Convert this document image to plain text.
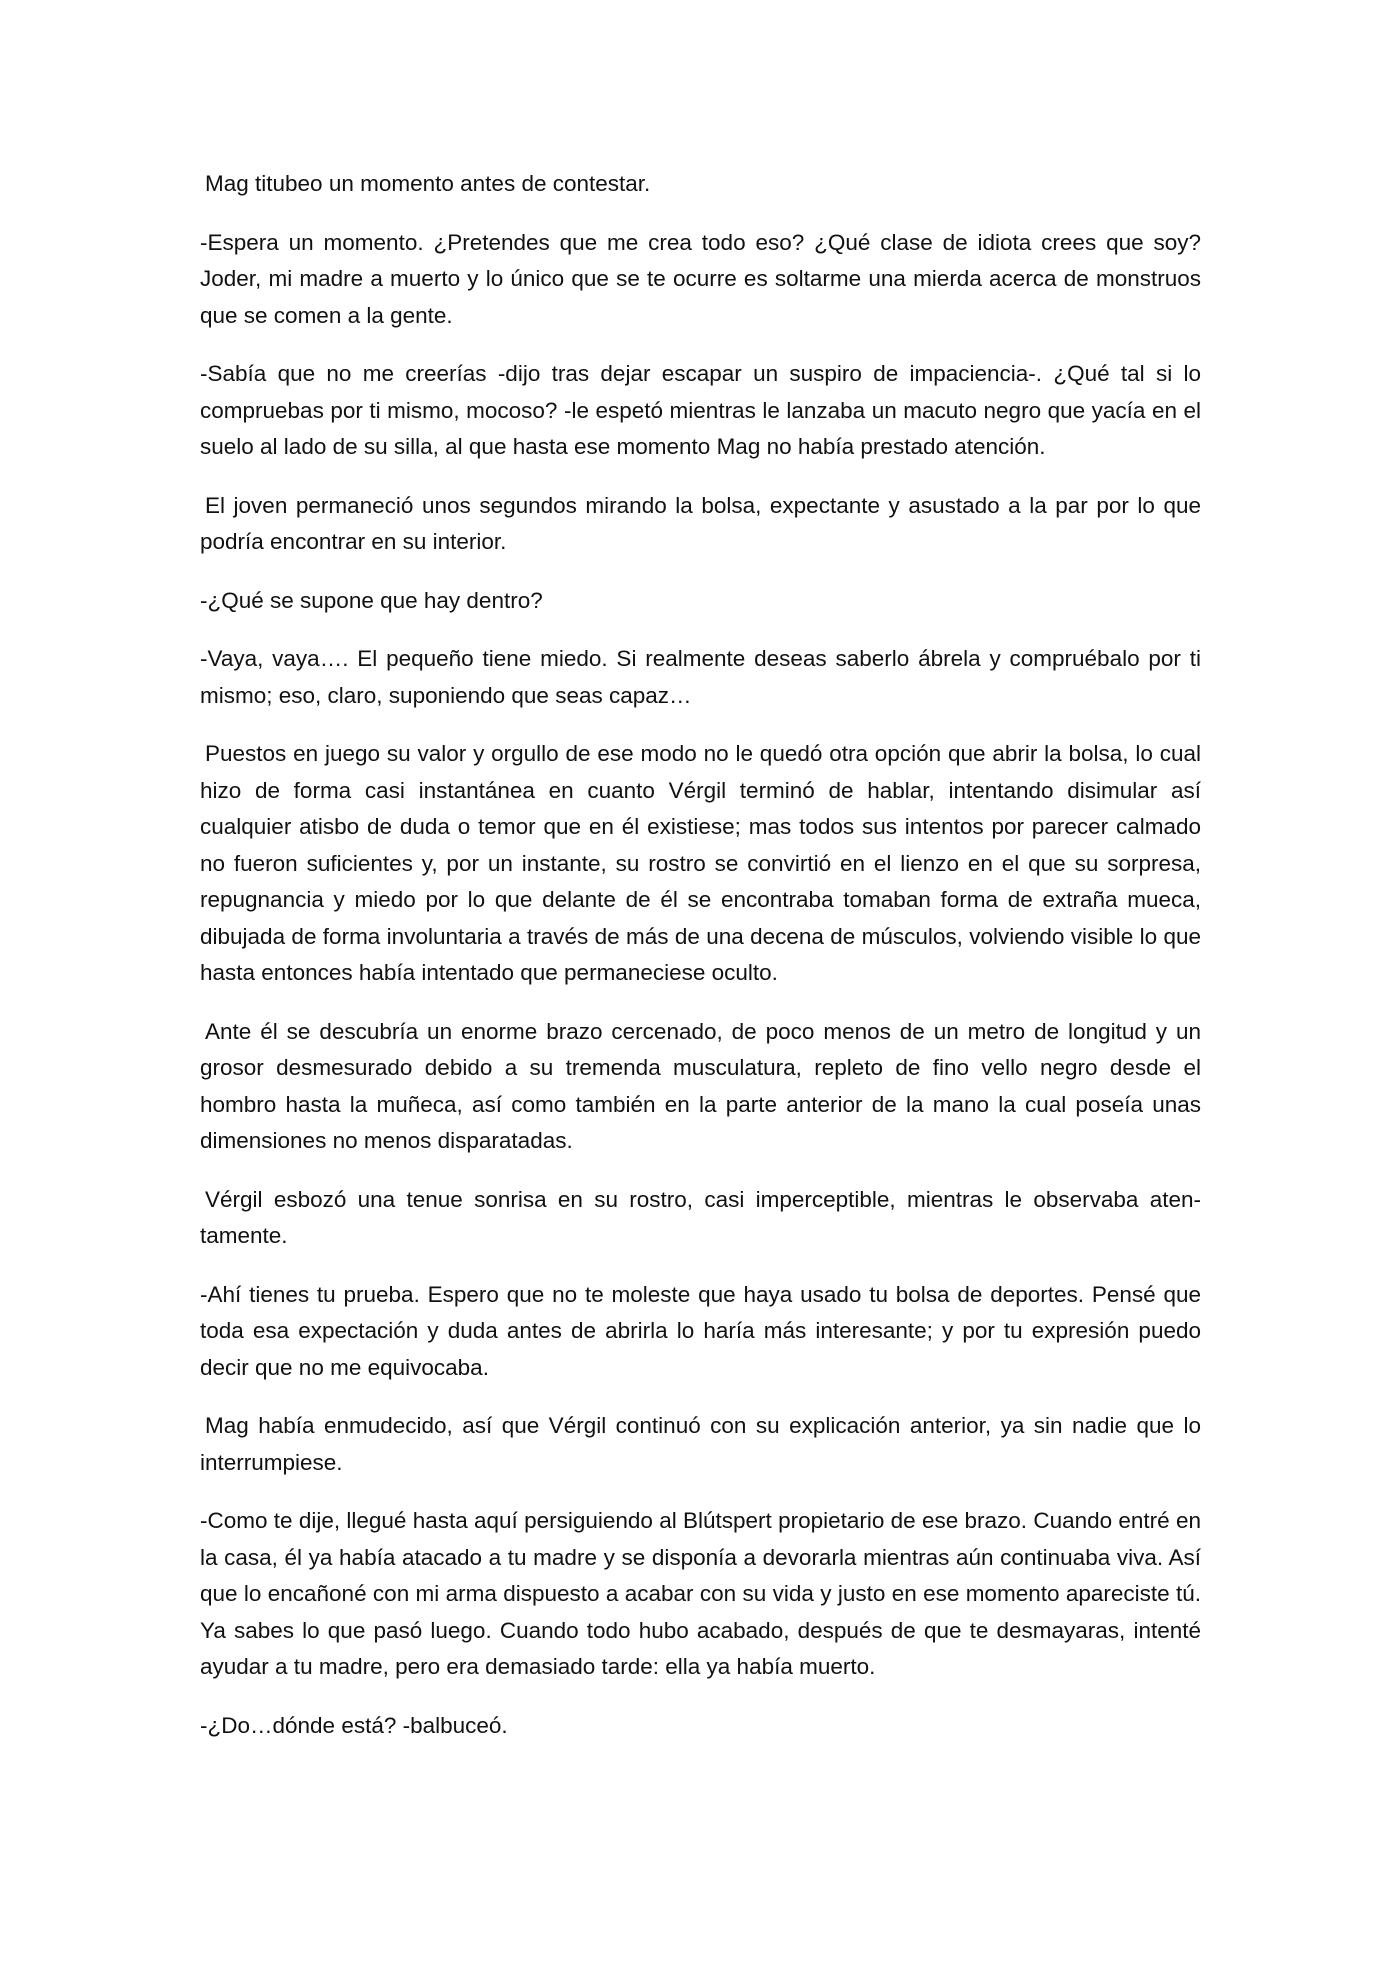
Mag titubeo un momento antes de contestar.

-Espera un momento. ¿Pretendes que me crea todo eso? ¿Qué clase de idiota crees que soy? Joder, mi madre a muerto y lo único que se te ocurre es soltarme una mierda acerca de monstruos que se comen a la gente.

-Sabía que no me creerías -dijo tras dejar escapar un suspiro de impaciencia-. ¿Qué tal si lo compruebas por ti mismo, mocoso? -le espetó mientras le lanzaba un macuto negro que yacía en el suelo al lado de su silla, al que hasta ese momento Mag no había prestado atención.

El joven permaneció unos segundos mirando la bolsa, expectante y asustado a la par por lo que podría encontrar en su interior.

-¿Qué se supone que hay dentro?

-Vaya, vaya…. El pequeño tiene miedo. Si realmente deseas saberlo ábrela y compruébalo por ti mismo; eso, claro, suponiendo que seas capaz…

Puestos en juego su valor y orgullo de ese modo no le quedó otra opción que abrir la bolsa, lo cual hizo de forma casi instantánea en cuanto Vérgil terminó de hablar, intentando disimular así cualquier atisbo de duda o temor que en él existiese; mas todos sus intentos por parecer calmado no fueron suficientes y, por un instante, su rostro se convirtió en el lienzo en el que su sorpresa, repugnancia y miedo por lo que delante de él se encontraba tomaban forma de extraña mueca, dibujada de forma involuntaria a través de más de una decena de músculos, volviendo visible lo que hasta entonces había intentado que permaneciese oculto.

Ante él se descubría un enorme brazo cercenado, de poco menos de un metro de longitud y un grosor desmesurado debido a su tremenda musculatura, repleto de fino vello negro desde el hombro hasta la muñeca, así como también en la parte anterior de la mano la cual poseía unas dimensiones no menos disparatadas.

Vérgil esbozó una tenue sonrisa en su rostro, casi imperceptible, mientras le observaba atentamente.

-Ahí tienes tu prueba. Espero que no te moleste que haya usado tu bolsa de deportes. Pensé que toda esa expectación y duda antes de abrirla lo haría más interesante; y por tu expresión puedo decir que no me equivocaba.

Mag había enmudecido, así que Vérgil continuó con su explicación anterior, ya sin nadie que lo interrumpiese.

-Como te dije, llegué hasta aquí persiguiendo al Blútspert propietario de ese brazo. Cuando entré en la casa, él ya había atacado a tu madre y se disponía a devorarla mientras aún continuaba viva. Así que lo encañoné con mi arma dispuesto a acabar con su vida y justo en ese momento apareciste tú. Ya sabes lo que pasó luego. Cuando todo hubo acabado, después de que te desmayaras, intenté ayudar a tu madre, pero era demasiado tarde: ella ya había muerto.

-¿Do…dónde está? -balbuceó.
